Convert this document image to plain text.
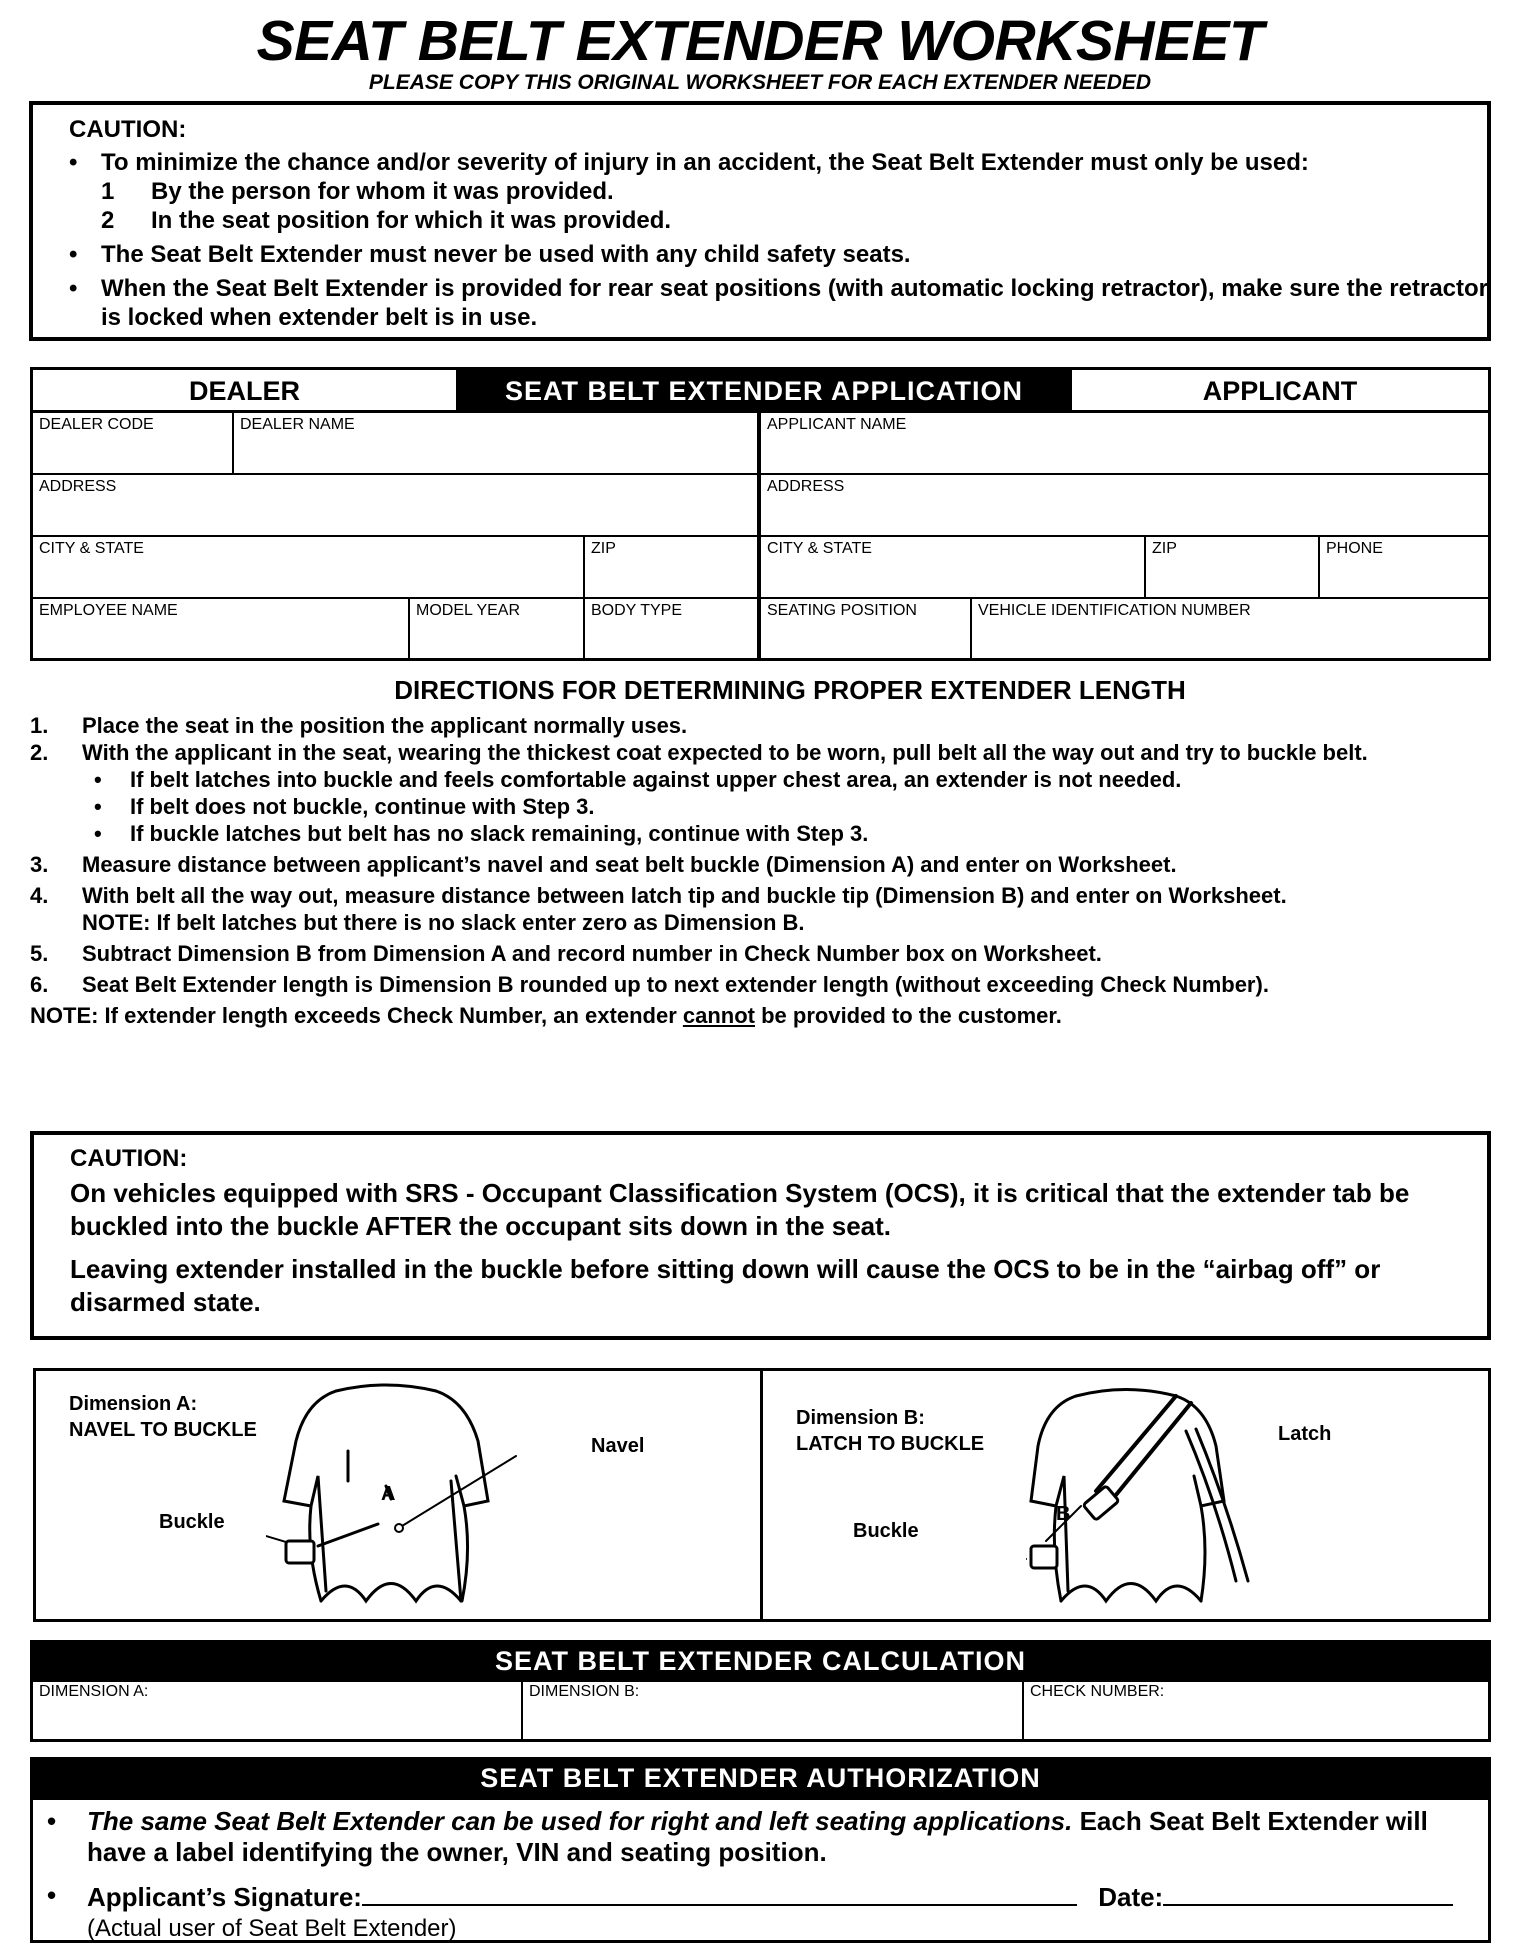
SEAT BELT EXTENDER WORKSHEET
PLEASE COPY THIS ORIGINAL WORKSHEET FOR EACH EXTENDER NEEDED
CAUTION:
• To minimize the chance and/or severity of injury in an accident, the Seat Belt Extender must only be used:
1 By the person for whom it was provided.
2 In the seat position for which it was provided.
• The Seat Belt Extender must never be used with any child safety seats.
• When the Seat Belt Extender is provided for rear seat positions (with automatic locking retractor), make sure the retractor is locked when extender belt is in use.
DEALER	SEAT BELT EXTENDER APPLICATION	APPLICANT
DEALER CODE	DEALER NAME	APPLICANT NAME
ADDRESS	ADDRESS
CITY & STATE	ZIP	CITY & STATE	ZIP	PHONE
EMPLOYEE NAME	MODEL YEAR	BODY TYPE	SEATING POSITION	VEHICLE IDENTIFICATION NUMBER
DIRECTIONS FOR DETERMINING PROPER EXTENDER LENGTH
1. Place the seat in the position the applicant normally uses.
2. With the applicant in the seat, wearing the thickest coat expected to be worn, pull belt all the way out and try to buckle belt.
• If belt latches into buckle and feels comfortable against upper chest area, an extender is not needed.
• If belt does not buckle, continue with Step 3.
• If buckle latches but belt has no slack remaining, continue with Step 3.
3. Measure distance between applicant’s navel and seat belt buckle (Dimension A) and enter on Worksheet.
4. With belt all the way out, measure distance between latch tip and buckle tip (Dimension B) and enter on Worksheet.
NOTE: If belt latches but there is no slack enter zero as Dimension B.
5. Subtract Dimension B from Dimension A and record number in Check Number box on Worksheet.
6. Seat Belt Extender length is Dimension B rounded up to next extender length (without exceeding Check Number).
NOTE: If extender length exceeds Check Number, an extender cannot be provided to the customer.
CAUTION:

On vehicles equipped with SRS - Occupant Classification System (OCS), it is critical that the extender tab be buckled into the buckle AFTER the occupant sits down in the seat.

Leaving extender installed in the buckle before sitting down will cause the OCS to be in the “airbag off” or disarmed state.

Dimension A:
NAVEL TO BUCKLE
Navel
Buckle
A
Dimension B:
LATCH TO BUCKLE	Latch
Buckle
B
SEAT BELT EXTENDER CALCULATION
DIMENSION A:	DIMENSION B:	CHECK NUMBER:
SEAT BELT EXTENDER AUTHORIZATION
• The same Seat Belt Extender can be used for right and left seating applications. Each Seat Belt Extender will have a label identifying the owner, VIN and seating position.
• Applicant’s Signature:	Date:
(Actual user of Seat Belt Extender)
